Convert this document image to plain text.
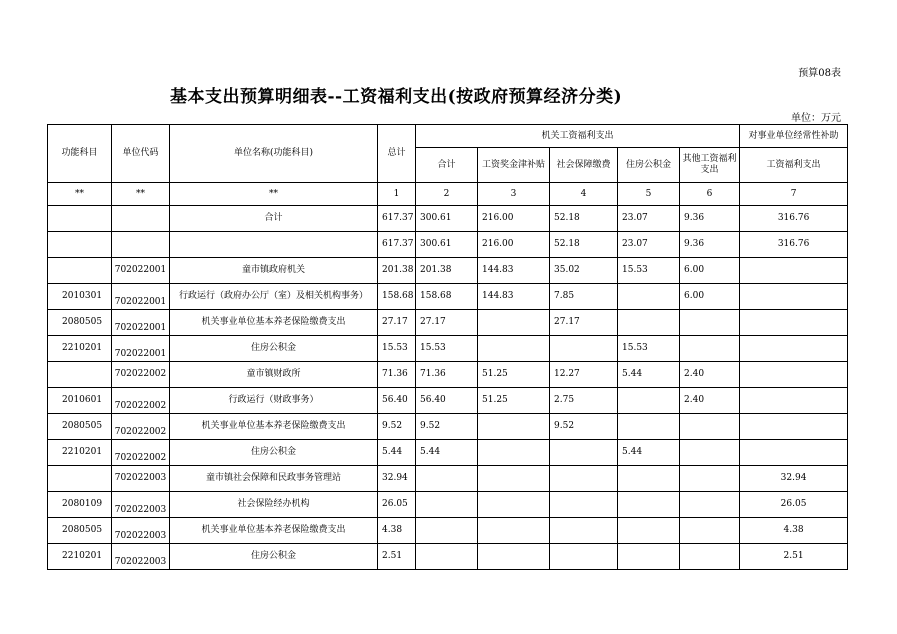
预算08表
基本支出预算明细表--工资福利支出(按政府预算经济分类)
单位：万元
功能科目	单位代码	单位名称(功能科目)	总计	机关工资福利支出					对事业单位经常性补助
				合计	工资奖金津补贴	社会保障缴费	住房公积金	其他工资福利支出	工资福利支出
**	**	**	1	2	3	4	5	6	7
		合计	617.37	300.61	216.00	52.18	23.07	9.36	316.76
			617.37	300.61	216.00	52.18	23.07	9.36	316.76
	702022001	童市镇政府机关	201.38	201.38	144.83	35.02	15.53	6.00	
2010301	702022001	行政运行（政府办公厅（室）及相关机构事务）	158.68	158.68	144.83	7.85		6.00	
2080505	702022001	机关事业单位基本养老保险缴费支出	27.17	27.17		27.17			
2210201	702022001	住房公积金	15.53	15.53			15.53		
	702022002	童市镇财政所	71.36	71.36	51.25	12.27	5.44	2.40	
2010601	702022002	行政运行（财政事务）	56.40	56.40	51.25	2.75		2.40	
2080505	702022002	机关事业单位基本养老保险缴费支出	9.52	9.52		9.52			
2210201	702022002	住房公积金	5.44	5.44			5.44		
	702022003	童市镇社会保障和民政事务管理站	32.94						32.94
2080109	702022003	社会保险经办机构	26.05						26.05
2080505	702022003	机关事业单位基本养老保险缴费支出	4.38						4.38
2210201	702022003	住房公积金	2.51						2.51
